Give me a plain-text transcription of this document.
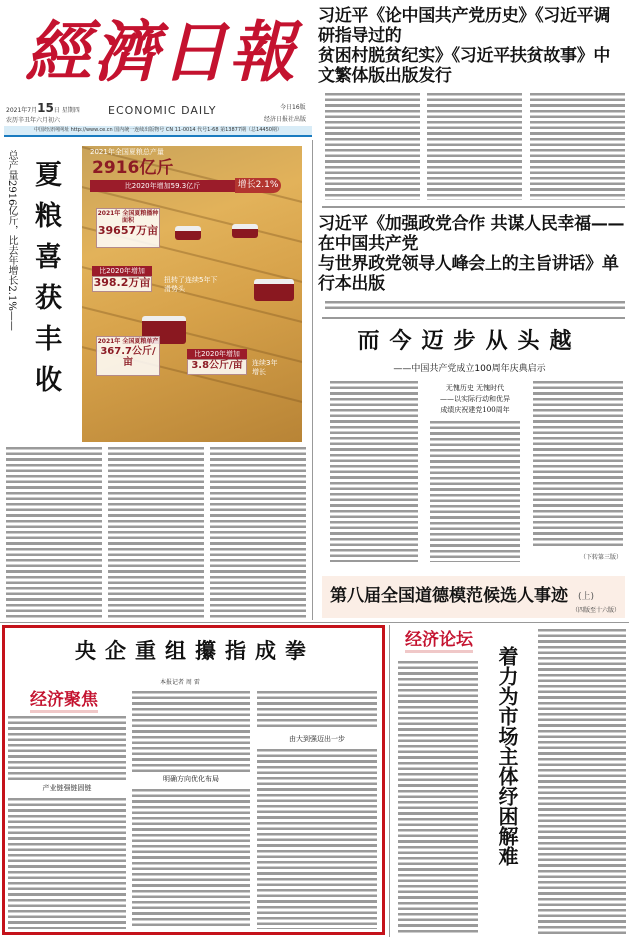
經濟日報
2021年7月15日 星期四
农历辛丑年六月初六
ECONOMIC DAILY	今日16版
经济日报社出版
中国经济网网址 http://www.ce.cn 国内统一连续出版物号 CN 11-0014 代号1-68 第13877期（总14450期）
总产量2916亿斤，比去年增长2.1%—— 夏粮喜获丰收
2021年全国夏粮总产量
2916亿斤
比2020年增加59.3亿斤	增长2.1%
2021年 全国夏粮播种面积
39657万亩
比2020年增加
398.2万亩 扭转了连续5年下滑势头
2021年 全国夏粮单产
367.7公斤/亩
比2020年增加
3.8公斤/亩	连续3年增长
习近平《论中国共产党历史》《习近平调研指导过的
贫困村脱贫纪实》《习近平扶贫故事》中文繁体版出版发行
习近平《加强政党合作 共谋人民幸福——在中国共产党
与世界政党领导人峰会上的主旨讲话》单行本出版
而今迈步从头越
——中国共产党成立100周年庆典启示
无愧历史 无愧时代
——以实际行动和优异
成绩庆祝建党100周年
（下转第三版）
第八届全国道德模范候选人事迹 (上)
（四版至十六版）
央企重组攥指成拳
经济聚焦
本报记者 周 雷
产业链强链固链
明确方向优化布局
由大到强迈出一步
经济论坛
着力为市场主体纾困解难
